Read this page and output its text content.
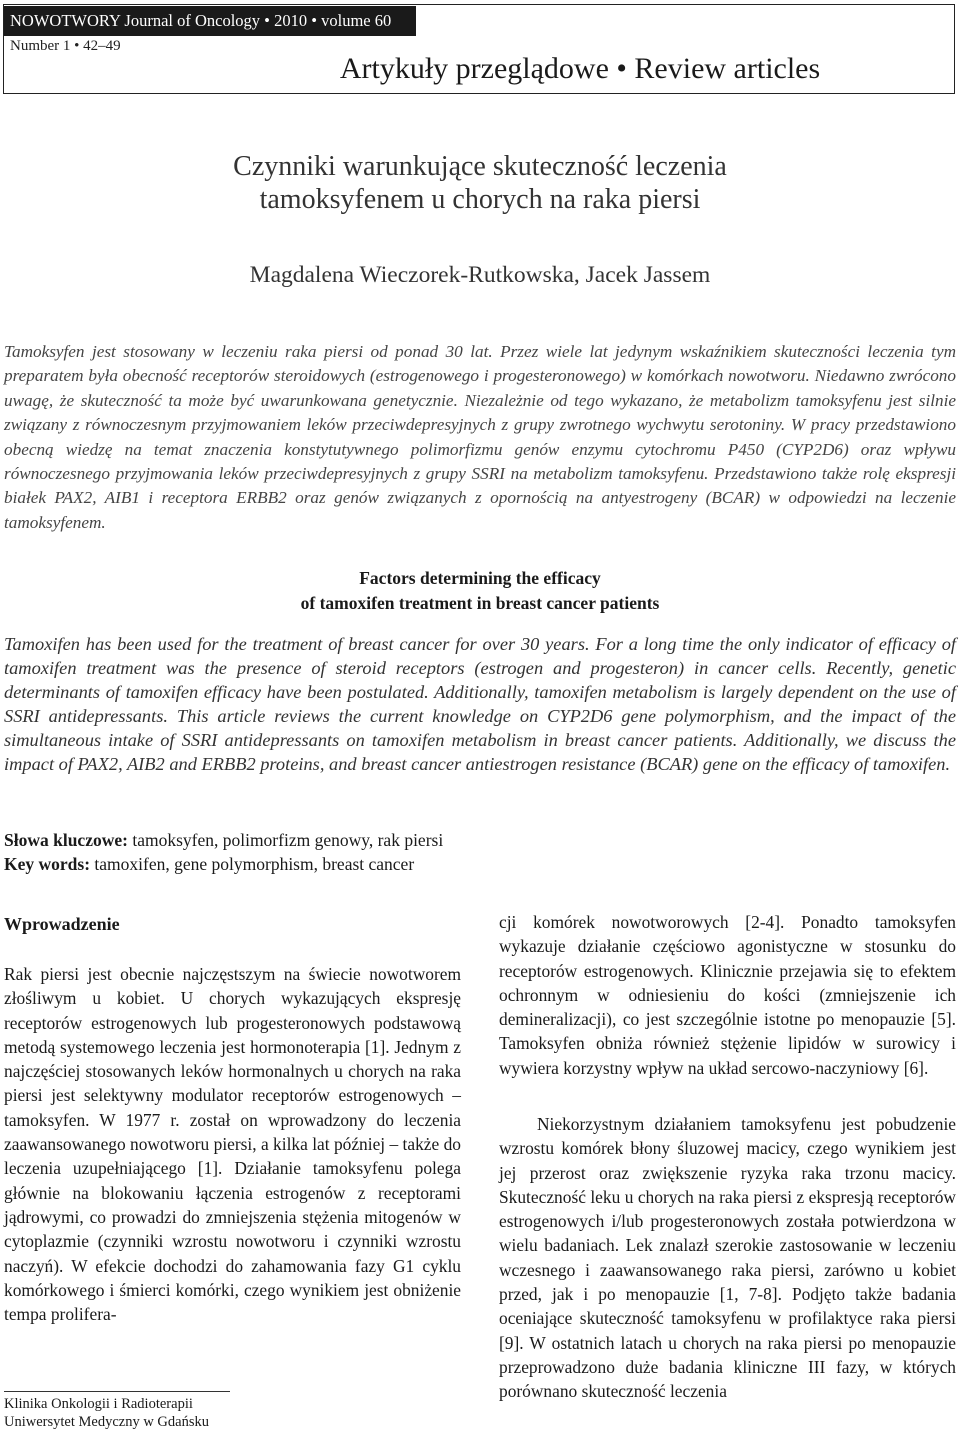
NOWOTWORY Journal of Oncology • 2010 • volume 60
Number 1 • 42–49
Artykuły przeglądowe • Review articles
Czynniki warunkujące skuteczność leczenia
tamoksyfenem u chorych na raka piersi
Magdalena Wieczorek-Rutkowska, Jacek Jassem

Tamoksyfen jest stosowany w leczeniu raka piersi od ponad 30 lat. Przez wiele lat jedynym wskaźnikiem skuteczności leczenia tym preparatem była obecność receptorów steroidowych (estrogenowego i progesteronowego) w komórkach nowotworu. Niedawno zwrócono uwagę, że skuteczność ta może być uwarunkowana genetycznie. Niezależnie od tego wykazano, że metabolizm tamoksyfenu jest silnie związany z równoczesnym przyjmowaniem leków przeciwdepresyjnych z grupy zwrotnego wychwytu serotoniny. W pracy przedstawiono obecną wiedzę na temat znaczenia konstytutywnego polimorfizmu genów enzymu cytochromu P450 (CYP2D6) oraz wpływu równoczesnego przyjmowania leków przeciwdepresyjnych z grupy SSRI na metabolizm tamoksyfenu. Przedstawiono także rolę ekspresji białek PAX2, AIB1 i receptora ERBB2 oraz genów związanych z opornością na antyestrogeny (BCAR) w odpowiedzi na leczenie tamoksyfenem.

Factors determining the efficacy
of tamoxifen treatment in breast cancer patients

Tamoxifen has been used for the treatment of breast cancer for over 30 years. For a long time the only indicator of efficacy of tamoxifen treatment was the presence of steroid receptors (estrogen and progesteron) in cancer cells. Recently, genetic determinants of tamoxifen efficacy have been postulated. Additionally, tamoxifen metabolism is largely dependent on the use of SSRI antidepressants. This article reviews the current knowledge on CYP2D6 gene polymorphism, and the impact of the simultaneous intake of SSRI antidepressants on tamoxifen metabolism in breast cancer patients. Additionally, we discuss the impact of PAX2, AIB2 and ERBB2 proteins, and breast cancer antiestrogen resistance (BCAR) gene on the efficacy of tamoxifen.

Słowa kluczowe: tamoksyfen, polimorfizm genowy, rak piersi

Key words: tamoxifen, gene polymorphism, breast cancer

Wprowadzenie

Rak piersi jest obecnie najczęstszym na świecie nowotworem złośliwym u kobiet. U chorych wykazujących ekspresję receptorów estrogenowych lub progesteronowych podstawową metodą systemowego leczenia jest hormonoterapia [1]. Jednym z najczęściej stosowanych leków hormonalnych u chorych na raka piersi jest selektywny modulator receptorów estrogenowych – tamoksyfen. W 1977 r. został on wprowadzony do leczenia zaawansowanego nowotworu piersi, a kilka lat później – także do leczenia uzupełniającego [1]. Działanie tamoksyfenu polega głównie na blokowaniu łączenia estrogenów z receptorami jądrowymi, co prowadzi do zmniejszenia stężenia mitogenów w cytoplazmie (czynniki wzrostu nowotworu i czynniki wzrostu naczyń). W efekcie dochodzi do zahamowania fazy G1 cyklu komórkowego i śmierci komórki, czego wynikiem jest obniżenie tempa prolifera-

cji komórek nowotworowych [2-4]. Ponadto tamoksyfen wykazuje działanie częściowo agonistyczne w stosunku do receptorów estrogenowych. Klinicznie przejawia się to efektem ochronnym w odniesieniu do kości (zmniejszenie ich demineralizacji), co jest szczególnie istotne po menopauzie [5]. Tamoksyfen obniża również stężenie lipidów w surowicy i wywiera korzystny wpływ na układ sercowo-naczyniowy [6].

Niekorzystnym działaniem tamoksyfenu jest pobudzenie wzrostu komórek błony śluzowej macicy, czego wynikiem jest jej przerost oraz zwiększenie ryzyka raka trzonu macicy. Skuteczność leku u chorych na raka piersi z ekspresją receptorów estrogenowych i/lub progesteronowych została potwierdzona w wielu badaniach. Lek znalazł szerokie zastosowanie w leczeniu wczesnego i zaawansowanego raka piersi, zarówno u kobiet przed, jak i po menopauzie [1, 7-8]. Podjęto także badania oceniające skuteczność tamoksyfenu w profilaktyce raka piersi [9]. W ostatnich latach u chorych na raka piersi po menopauzie przeprowadzono duże badania kliniczne III fazy, w których porównano skuteczność leczenia

Klinika Onkologii i Radioterapii
Uniwersytet Medyczny w Gdańsku
